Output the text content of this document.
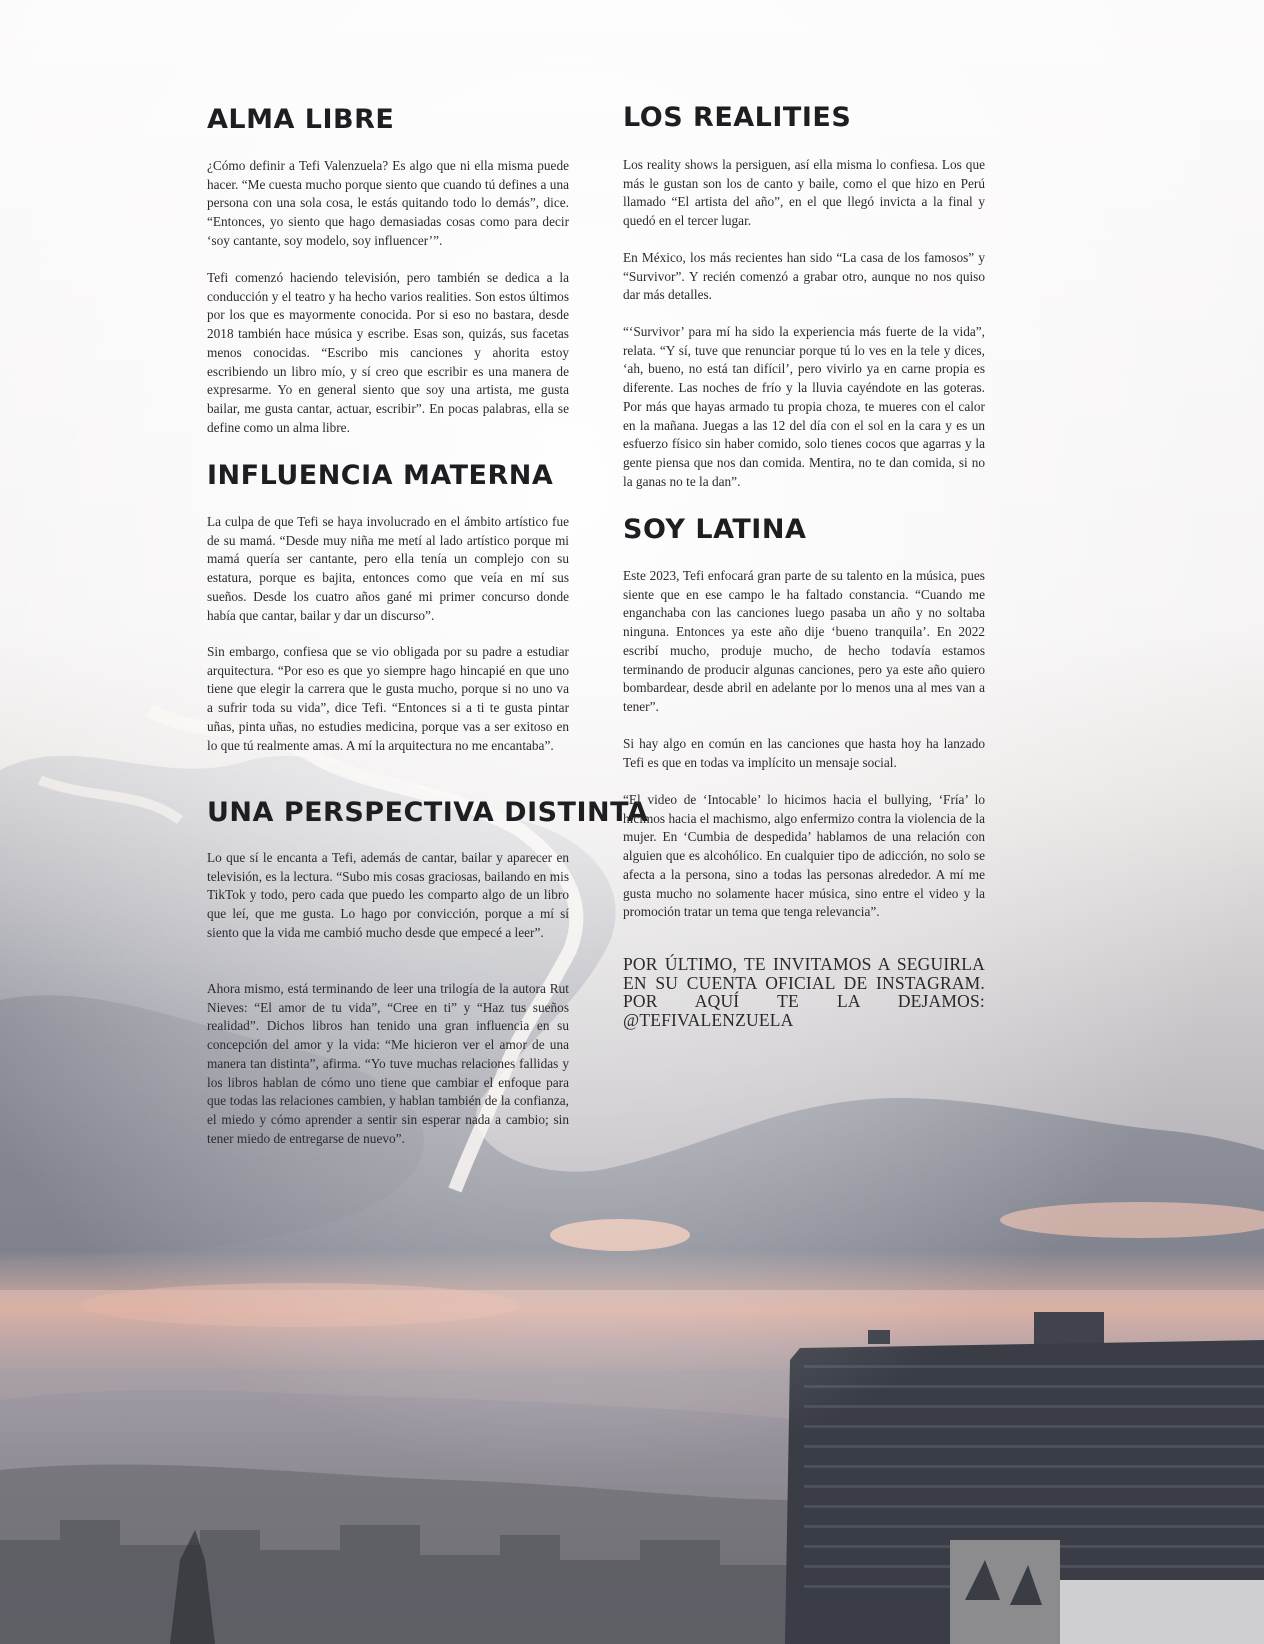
ALMA LIBRE

¿Cómo definir a Tefi Valenzuela? Es algo que ni ella misma puede hacer. “Me cuesta mucho porque siento que cuando tú defines a una persona con una sola cosa, le estás quitando todo lo demás”, dice. “Entonces, yo siento que hago demasiadas cosas como para decir ‘soy cantante, soy modelo, soy influencer’”.

Tefi comenzó haciendo televisión, pero también se dedica a la conducción y el teatro y ha hecho varios realities. Son estos últimos por los que es mayormente conocida. Por si eso no bastara, desde 2018 también hace música y escribe. Esas son, quizás, sus facetas menos conocidas. “Escribo mis canciones y ahorita estoy escribiendo un libro mío, y sí creo que escribir es una manera de expresarme. Yo en general siento que soy una artista, me gusta bailar, me gusta cantar, actuar, escribir”. En pocas palabras, ella se define como un alma libre.

INFLUENCIA MATERNA

La culpa de que Tefi se haya involucrado en el ámbito artístico fue de su mamá. “Desde muy niña me metí al lado artístico porque mi mamá quería ser cantante, pero ella tenía un complejo con su estatura, porque es bajita, entonces como que veía en mí sus sueños. Desde los cuatro años gané mi primer concurso donde había que cantar, bailar y dar un discurso”.

Sin embargo, confiesa que se vio obligada por su padre a estudiar arquitectura. “Por eso es que yo siempre hago hincapié en que uno tiene que elegir la carrera que le gusta mucho, porque si no uno va a sufrir toda su vida”, dice Tefi. “Entonces si a ti te gusta pintar uñas, pinta uñas, no estudies medicina, porque vas a ser exitoso en lo que tú realmente amas. A mí la arquitectura no me encantaba”.

UNA PERSPECTIVA DISTINTA

Lo que sí le encanta a Tefi, además de cantar, bailar y aparecer en televisión, es la lectura. “Subo mis cosas graciosas, bailando en mis TikTok y todo, pero cada que puedo les comparto algo de un libro que leí, que me gusta. Lo hago por convicción, porque a mí sí siento que la vida me cambió mucho desde que empecé a leer”.

Ahora mismo, está terminando de leer una trilogía de la autora Rut Nieves: “El amor de tu vida”, “Cree en ti” y “Haz tus sueños realidad”. Dichos libros han tenido una gran influencia en su concepción del amor y la vida: “Me hicieron ver el amor de una manera tan distinta”, afirma. “Yo tuve muchas relaciones fallidas y los libros hablan de cómo uno tiene que cambiar el enfoque para que todas las relaciones cambien, y hablan también de la confianza, el miedo y cómo aprender a sentir sin esperar nada a cambio; sin tener miedo de entregarse de nuevo”.

LOS REALITIES

Los reality shows la persiguen, así ella misma lo confiesa. Los que más le gustan son los de canto y baile, como el que hizo en Perú llamado “El artista del año”, en el que llegó invicta a la final y quedó en el tercer lugar.

En México, los más recientes han sido “La casa de los famosos” y “Survivor”. Y recién comenzó a grabar otro, aunque no nos quiso dar más detalles.

“‘Survivor’ para mí ha sido la experiencia más fuerte de la vida”, relata. “Y sí, tuve que renunciar porque tú lo ves en la tele y dices, ‘ah, bueno, no está tan difícil’, pero vivirlo ya en carne propia es diferente. Las noches de frío y la lluvia cayéndote en las goteras. Por más que hayas armado tu propia choza, te mueres con el calor en la mañana. Juegas a las 12 del día con el sol en la cara y es un esfuerzo físico sin haber comido, solo tienes cocos que agarras y la gente piensa que nos dan comida. Mentira, no te dan comida, si no la ganas no te la dan”.

SOY LATINA

Este 2023, Tefi enfocará gran parte de su talento en la música, pues siente que en ese campo le ha faltado constancia. “Cuando me enganchaba con las canciones luego pasaba un año y no soltaba ninguna. Entonces ya este año dije ‘bueno tranquila’. En 2022 escribí mucho, produje mucho, de hecho todavía estamos terminando de producir algunas canciones, pero ya este año quiero bombardear, desde abril en adelante por lo menos una al mes van a tener”.

Si hay algo en común en las canciones que hasta hoy ha lanzado Tefi es que en todas va implícito un mensaje social.

“El video de ‘Intocable’ lo hicimos hacia el bullying, ‘Fría’ lo hicimos hacia el machismo, algo enfermizo contra la violencia de la mujer. En ‘Cumbia de despedida’ hablamos de una relación con alguien que es alcohólico. En cualquier tipo de adicción, no solo se afecta a la persona, sino a todas las personas alrededor. A mí me gusta mucho no solamente hacer música, sino entre el video y la promoción tratar un tema que tenga relevancia”.

POR ÚLTIMO, TE INVITAMOS A SEGUIRLA EN SU CUENTA OFICIAL DE INSTAGRAM. POR AQUÍ TE LA DEJAMOS: @TEFIVALENZUELA
